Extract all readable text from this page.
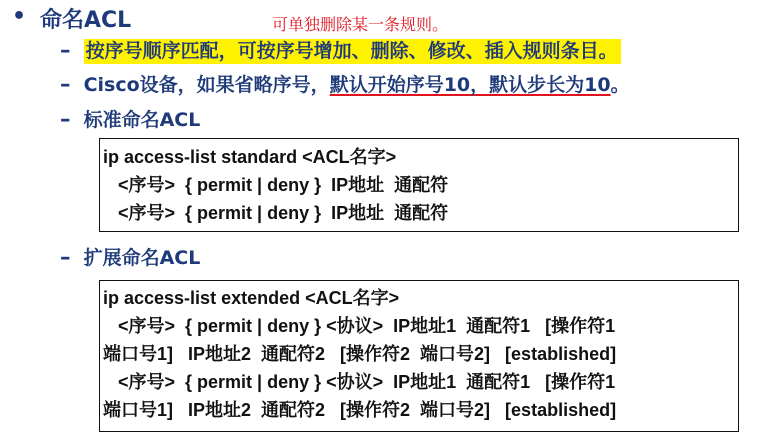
• 命名ACL	可单独删除某一条规则。
– 按序号顺序匹配，可按序号增加、删除、修改、插入规则条目。
– Cisco设备，如果省略序号，默认开始序号10，默认步长为10。
– 标准命名ACL
ip access-list standard <ACL名字>
<序号>  { permit | deny }  IP地址  通配符
<序号>  { permit | deny }  IP地址  通配符
– 扩展命名ACL
ip access-list extended <ACL名字>
<序号>  { permit | deny } <协议>  IP地址1  通配符1   [操作符1
端口号1]   IP地址2  通配符2   [操作符2  端口号2]   [established]
<序号>  { permit | deny } <协议>  IP地址1  通配符1   [操作符1
端口号1]   IP地址2  通配符2   [操作符2  端口号2]   [established]
